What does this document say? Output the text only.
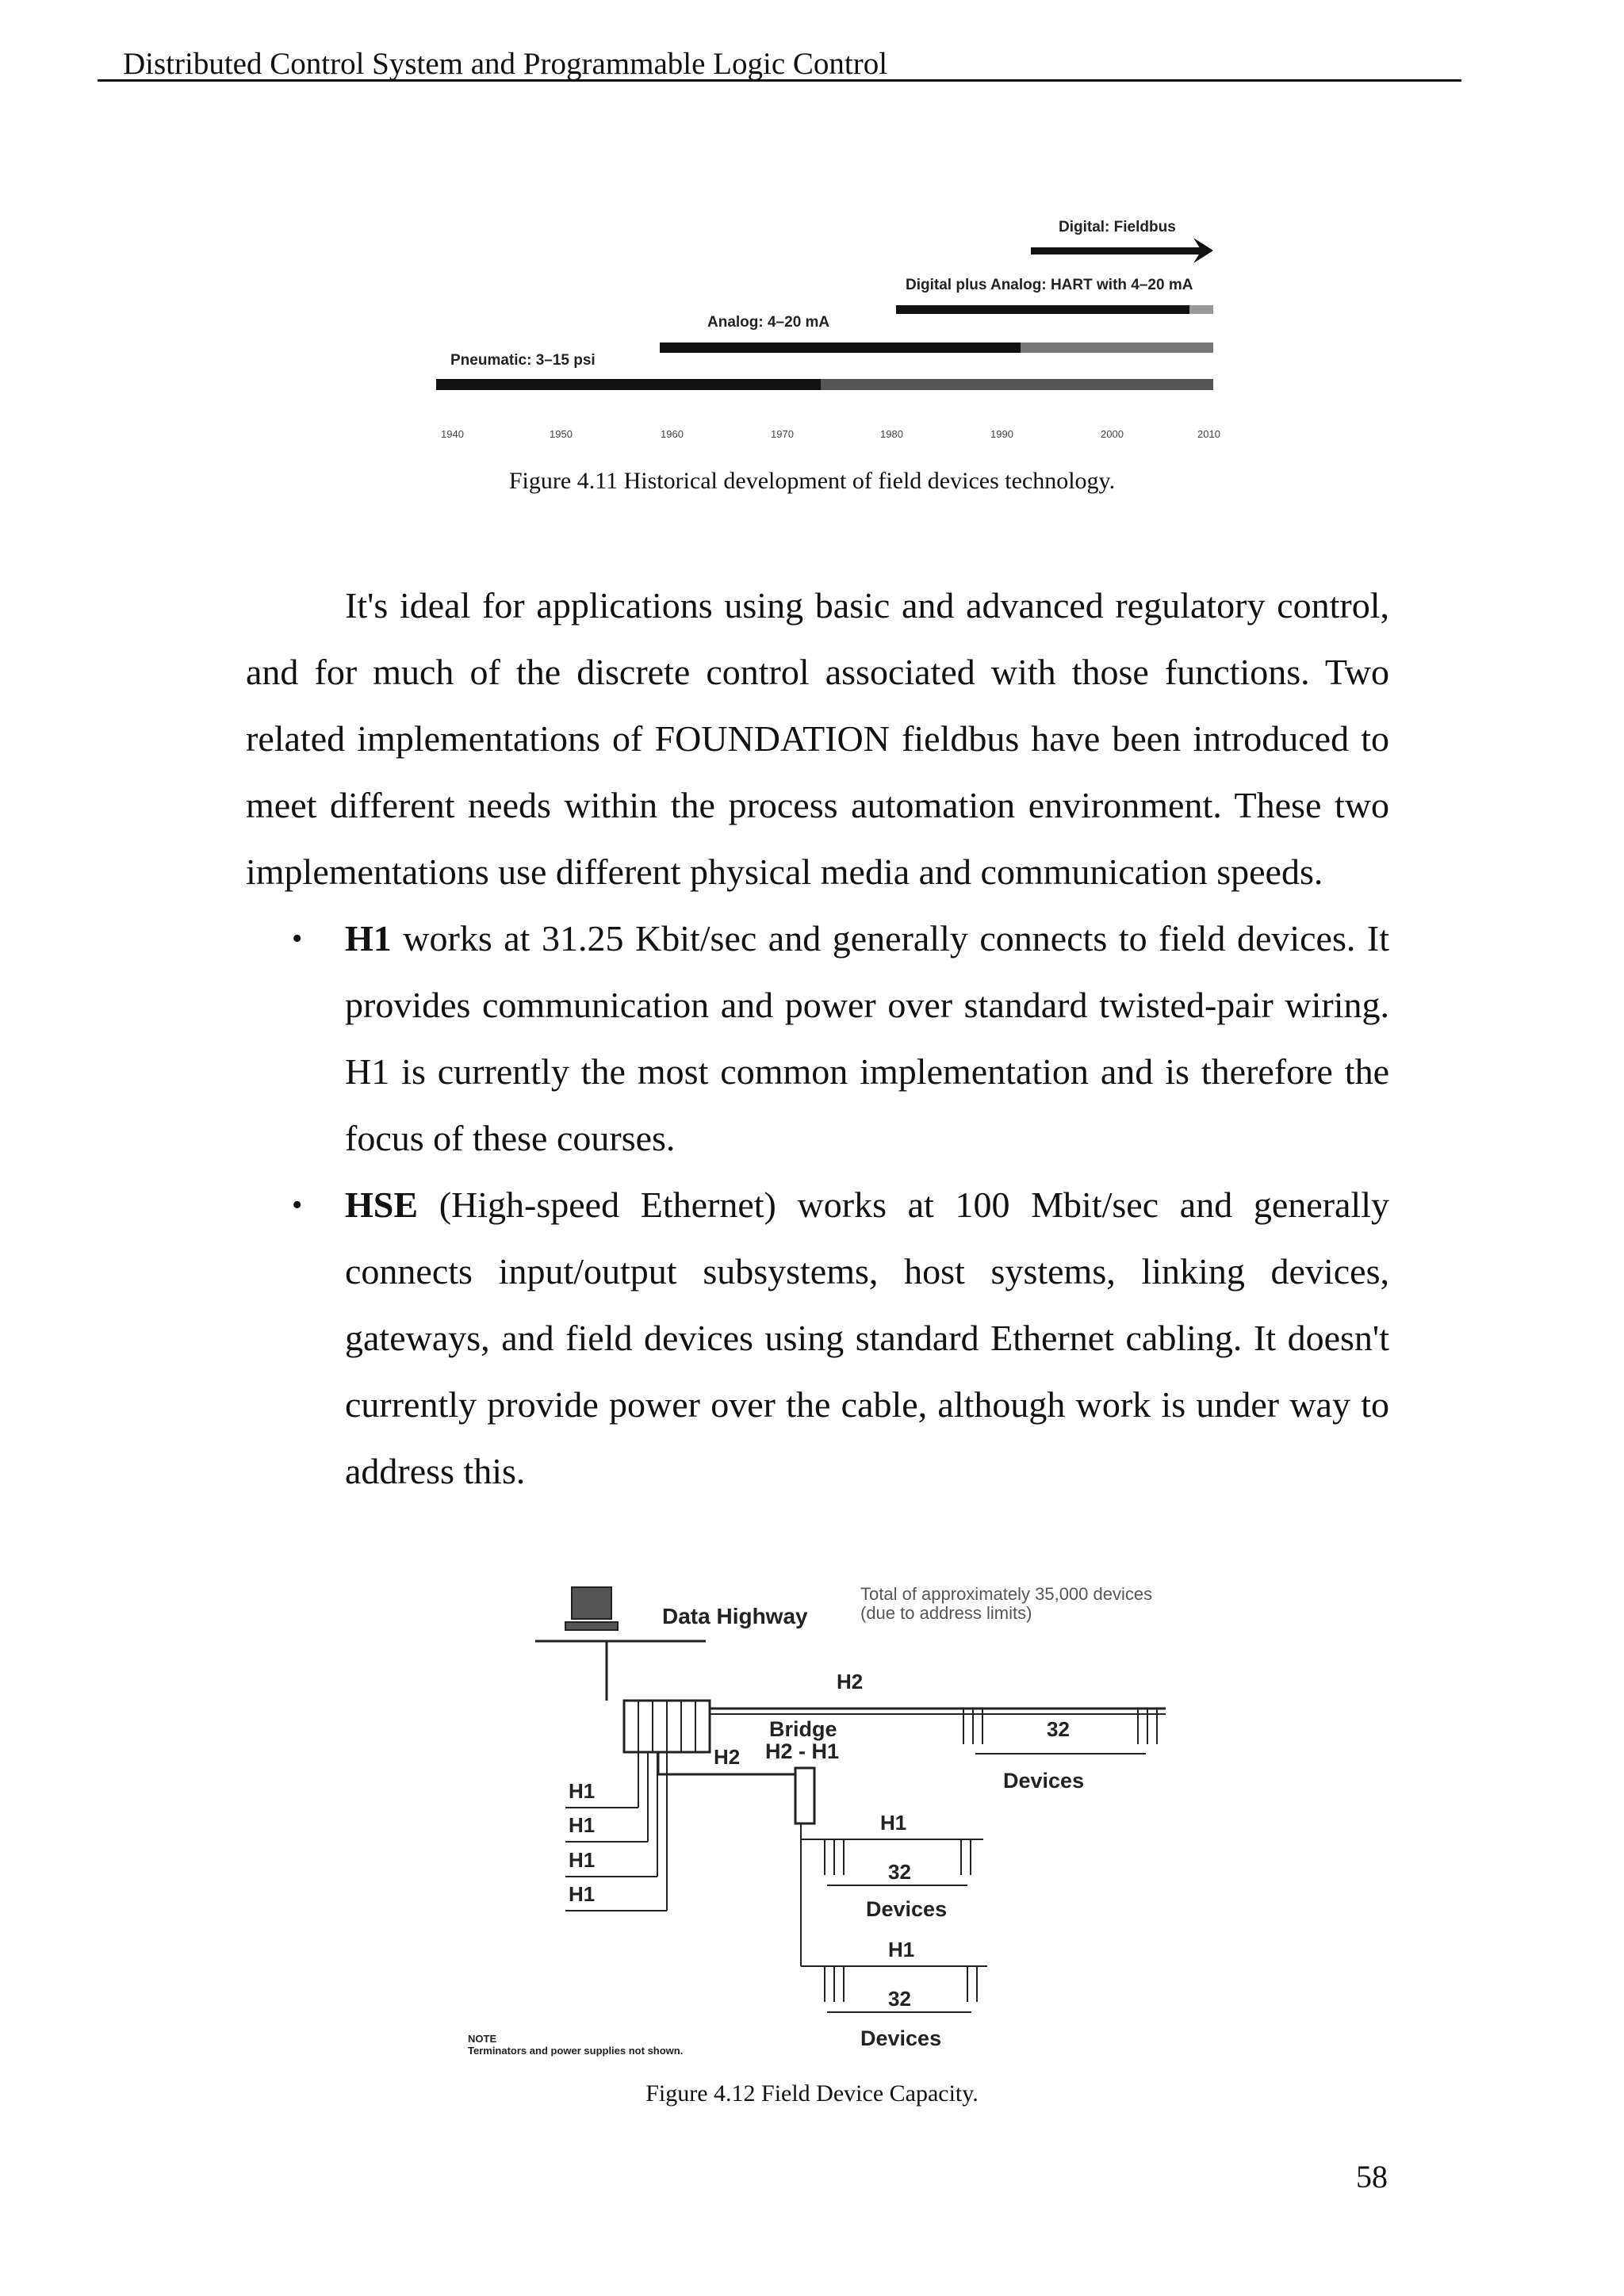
Distributed Control System and Programmable Logic Control
Digital: Fieldbus
Digital plus Analog: HART with 4–20 mA
Analog: 4–20 mA
Pneumatic: 3–15 psi
1940	1950	1960	1970	1980	1990	2000	2010
Figure 4.11 Historical development of field devices technology.

It's ideal for applications using basic and advanced regulatory control, and for much of the discrete control associated with those functions. Two related implementations of FOUNDATION fieldbus have been introduced to meet different needs within the process automation environment. These two implementations use different physical media and communication speeds.

• H1 works at 31.25 Kbit/sec and generally connects to field devices. It provides communication and power over standard twisted-pair wiring. H1 is currently the most common implementation and is therefore the focus of these courses.
• HSE (High-speed Ethernet) works at 100 Mbit/sec and generally connects input/output subsystems, host systems, linking devices, gateways, and field devices using standard Ethernet cabling. It doesn't currently provide power over the cable, although work is under way to address this.
Data Highway
Total of approximately 35,000 devices
(due to address limits)
H2
Bridge
H2 - H1
H2
H1
H1
H1
H1
32
Devices
H1
32
Devices
H1
32
Devices
NOTE
Terminators and power supplies not shown.
Figure 4.12 Field Device Capacity.
58
